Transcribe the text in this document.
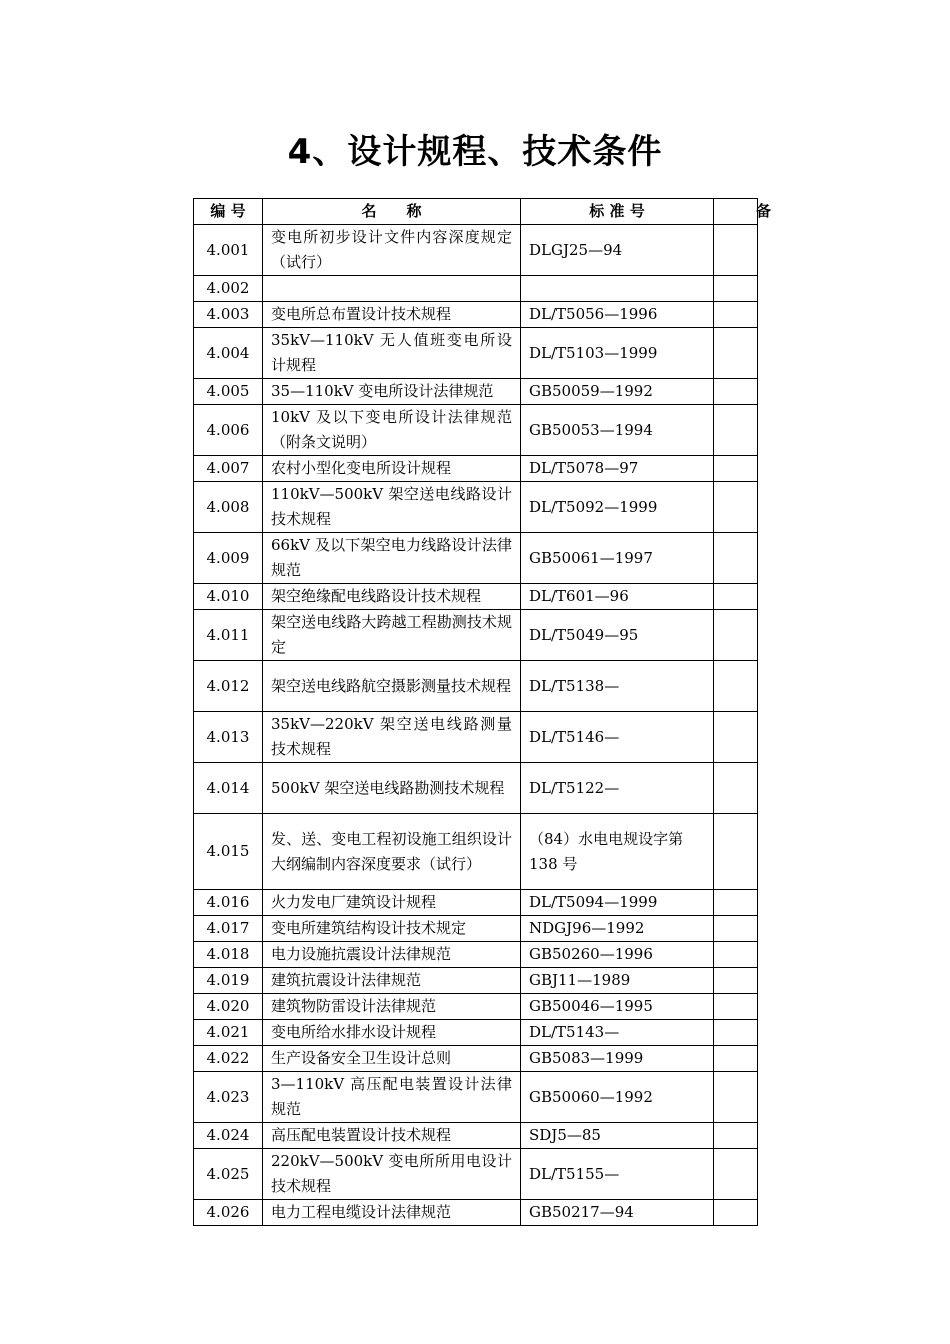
4、设计规程、技术条件
编 号	名　　称	标 准 号	备

4.001	变电所初步设计文件内容深度规定（试行）	DLGJ25—94	
4.002			
4.003	变电所总布置设计技术规程	DL/T5056—1996	
4.004	35kV—110kV 无人值班变电所设计规程	DL/T5103—1999	
4.005	35—110kV 变电所设计法律规范	GB50059—1992	
4.006	10kV 及以下变电所设计法律规范（附条文说明）	GB50053—1994	
4.007	农村小型化变电所设计规程	DL/T5078—97	
4.008	110kV—500kV 架空送电线路设计技术规程	DL/T5092—1999	
4.009	66kV 及以下架空电力线路设计法律规范	GB50061—1997	
4.010	架空绝缘配电线路设计技术规程	DL/T601—96	
4.011	架空送电线路大跨越工程勘测技术规定	DL/T5049—95	
4.012	架空送电线路航空摄影测量技术规程	DL/T5138—	
4.013	35kV—220kV 架空送电线路测量技术规程	DL/T5146—	
4.014	500kV 架空送电线路勘测技术规程	DL/T5122—	
4.015	发、送、变电工程初设施工组织设计大纲编制内容深度要求（试行）	（84）水电电规设字第138 号	
4.016	火力发电厂建筑设计规程	DL/T5094—1999	
4.017	变电所建筑结构设计技术规定	NDGJ96—1992	
4.018	电力设施抗震设计法律规范	GB50260—1996	
4.019	建筑抗震设计法律规范	GBJ11—1989	
4.020	建筑物防雷设计法律规范	GB50046—1995	
4.021	变电所给水排水设计规程	DL/T5143—	
4.022	生产设备安全卫生设计总则	GB5083—1999	
4.023	3—110kV 高压配电装置设计法律规范	GB50060—1992	
4.024	高压配电装置设计技术规程	SDJ5—85	
4.025	220kV—500kV 变电所所用电设计技术规程	DL/T5155—	
4.026	电力工程电缆设计法律规范	GB50217—94	
